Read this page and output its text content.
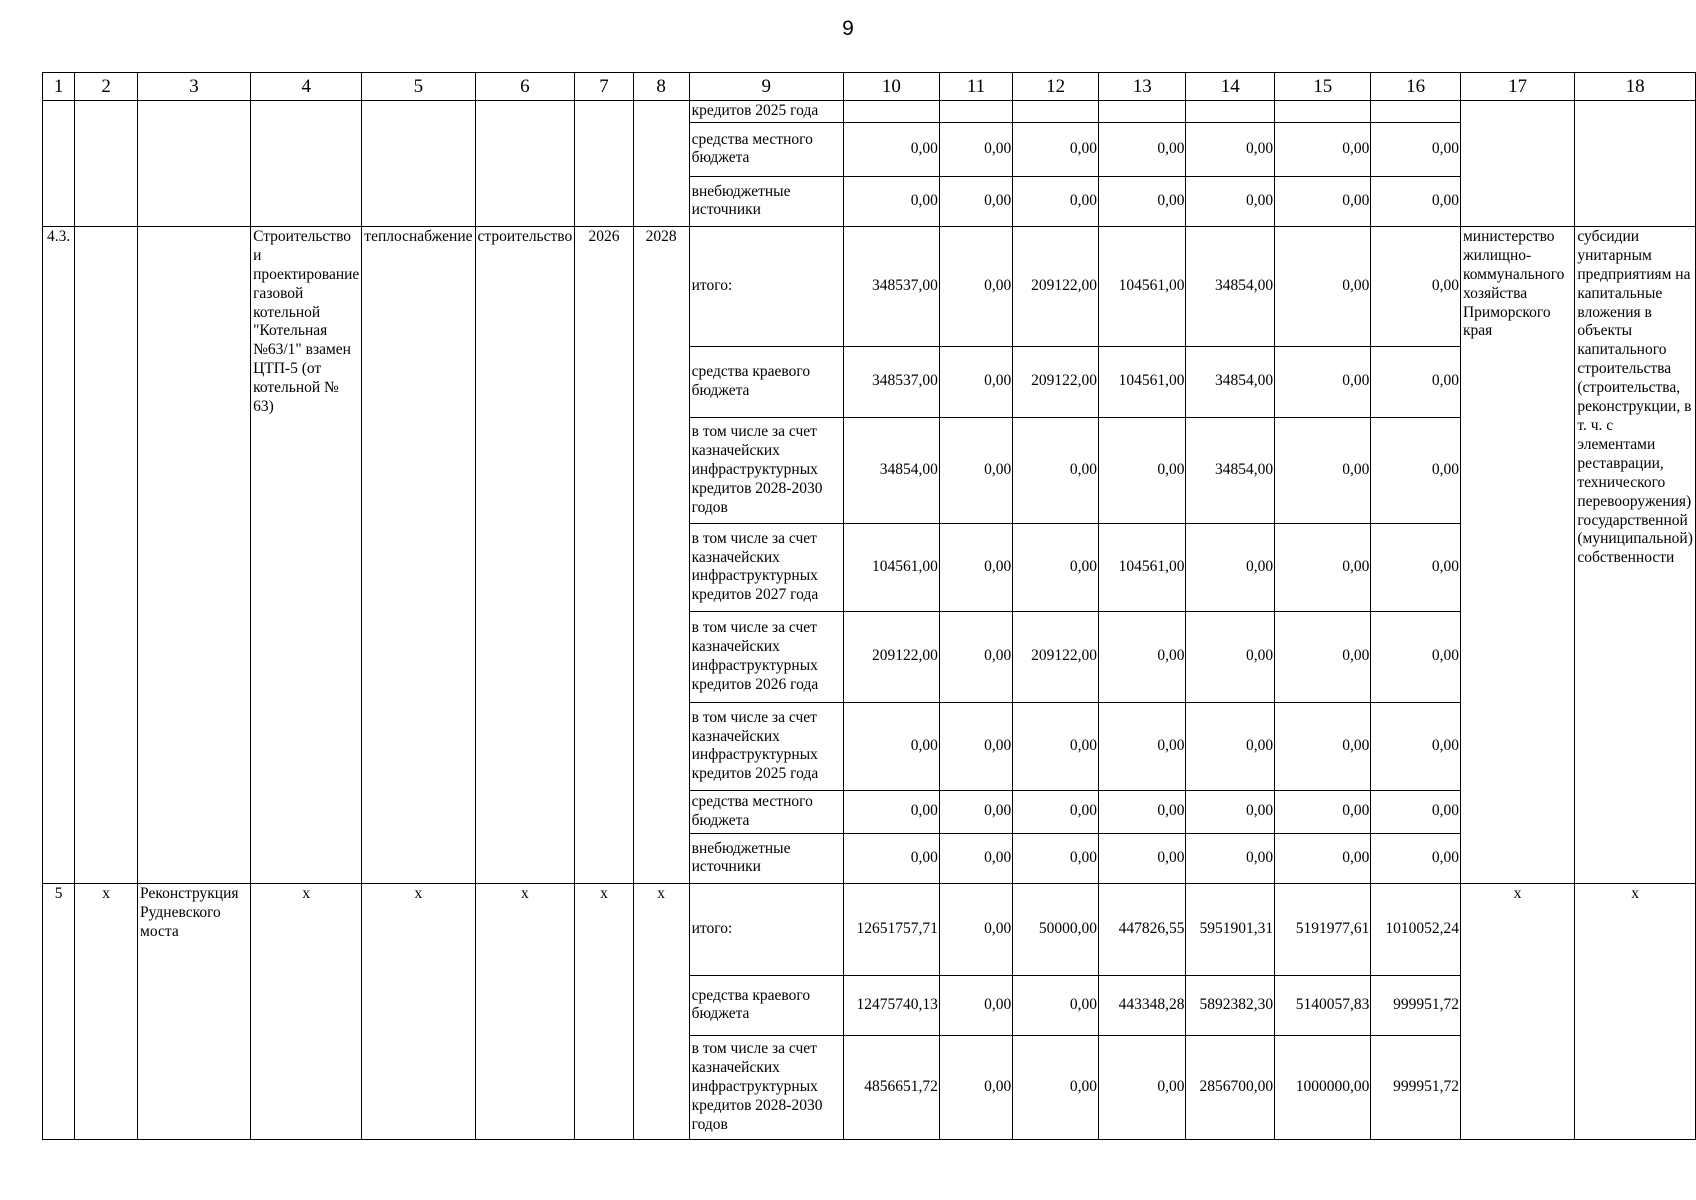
9
1	2	3	4	5	6	7	8	9	10	11	12	13	14	15	16	17	18
								кредитов 2025 года									
								средства местного бюджета	0,00	0,00	0,00	0,00	0,00	0,00	0,00		
								внебюджетные источники	0,00	0,00	0,00	0,00	0,00	0,00	0,00		
4.3.			Строительство и проектирование газовой котельной "Котельная №63/1" взамен ЦТП-5 (от котельной № 63)	теплоснабжение	строительство	2026	2028	итого:	348537,00	0,00	209122,00	104561,00	34854,00	0,00	0,00	министерство жилищно-коммунального хозяйства Приморского края	субсидии унитарным предприятиям на капитальные вложения в объекты капитального строительства (строительства, реконструкции, в т. ч. с элементами реставрации, технического перевооружения) государственной (муниципальной) собственности
								средства краевого бюджета	348537,00	0,00	209122,00	104561,00	34854,00	0,00	0,00		
								в том числе за счет казначейских инфраструктурных кредитов 2028-2030 годов	34854,00	0,00	0,00	0,00	34854,00	0,00	0,00		
								в том числе за счет казначейских инфраструктурных кредитов 2027 года	104561,00	0,00	0,00	104561,00	0,00	0,00	0,00		
								в том числе за счет казначейских инфраструктурных кредитов 2026 года	209122,00	0,00	209122,00	0,00	0,00	0,00	0,00		
								в том числе за счет казначейских инфраструктурных кредитов 2025 года	0,00	0,00	0,00	0,00	0,00	0,00	0,00		
								средства местного бюджета	0,00	0,00	0,00	0,00	0,00	0,00	0,00		
								внебюджетные источники	0,00	0,00	0,00	0,00	0,00	0,00	0,00		
5	x	Реконструкция Рудневского моста	x	x	x	x	x	итого:	12651757,71	0,00	50000,00	447826,55	5951901,31	5191977,61	1010052,24	x	x
								средства краевого бюджета	12475740,13	0,00	0,00	443348,28	5892382,30	5140057,83	999951,72		
								в том числе за счет казначейских инфраструктурных кредитов 2028-2030 годов	4856651,72	0,00	0,00	0,00	2856700,00	1000000,00	999951,72		
